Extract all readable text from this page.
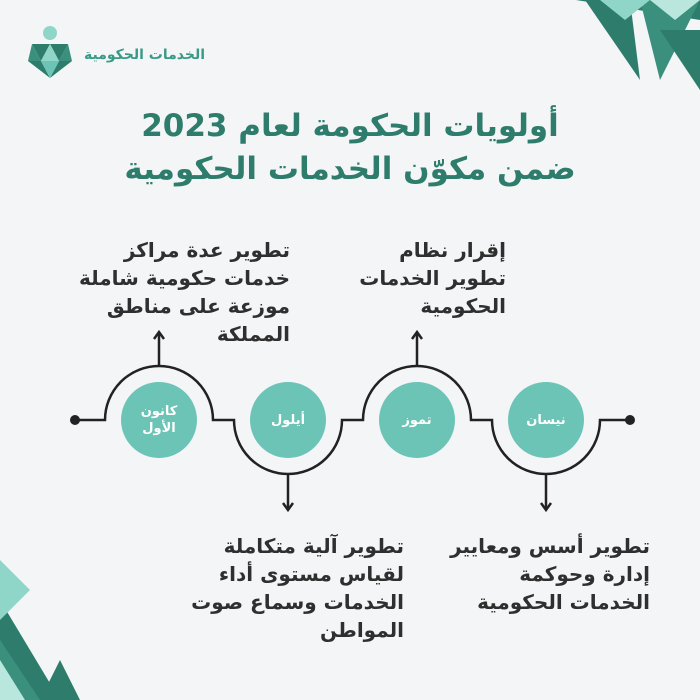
الخدمات الحكومية
أولويات الحكومة لعام 2023
ضمن مكوّن الخدمات الحكومية
كانون
الأول
أيلول	تموز	نيسان
تطوير عدة مراكز خدمات حكومية شاملة موزعة على مناطق المملكة
إقرار نظام تطوير الخدمات الحكومية
تطوير آلية متكاملة لقياس مستوى أداء الخدمات وسماع صوت المواطن
تطوير أسس ومعايير إدارة وحوكمة الخدمات الحكومية
